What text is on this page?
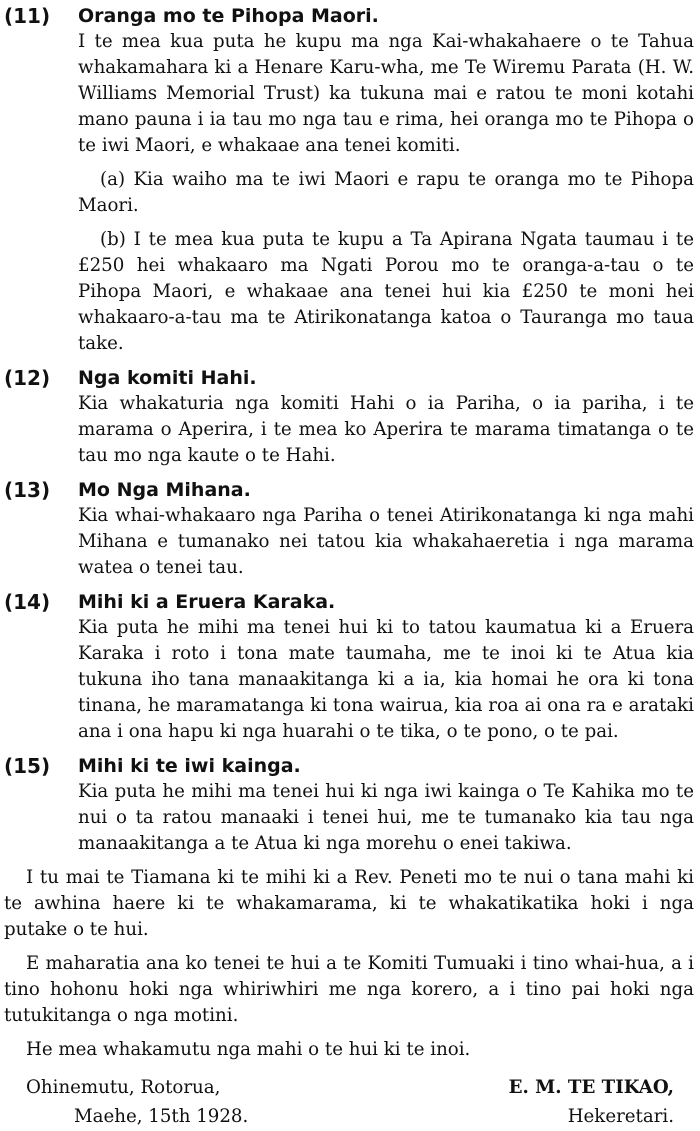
(11)	Oranga mo te Pihopa Maori.

I te mea kua puta he kupu ma nga Kai-whakahaere o te Tahua whakamahara ki a Henare Karu-wha, me Te Wiremu Parata (H. W. Williams Memorial Trust) ka tukuna mai e ratou te moni kotahi mano pauna i ia tau mo nga tau e rima, hei oranga mo te Pihopa o te iwi Maori, e whakaae ana tenei komiti.

(a) Kia waiho ma te iwi Maori e rapu te oranga mo te Pihopa Maori.

(b) I te mea kua puta te kupu a Ta Apirana Ngata taumau i te £250 hei whakaaro ma Ngati Porou mo te oranga-a-tau o te Pihopa Maori, e whakaae ana tenei hui kia £250 te moni hei whakaaro-a-tau ma te Atirikonatanga katoa o Tauranga mo taua take.

(12)	Nga komiti Hahi.

Kia whakaturia nga komiti Hahi o ia Pariha, o ia pariha, i te marama o Aperira, i te mea ko Aperira te marama timatanga o te tau mo nga kaute o te Hahi.

(13)	Mo Nga Mihana.

Kia whai-whakaaro nga Pariha o tenei Atirikonatanga ki nga mahi Mihana e tumanako nei tatou kia whakahaeretia i nga marama watea o tenei tau.

(14)	Mihi ki a Eruera Karaka.

Kia puta he mihi ma tenei hui ki to tatou kaumatua ki a Eruera Karaka i roto i tona mate taumaha, me te inoi ki te Atua kia tukuna iho tana manaakitanga ki a ia, kia homai he ora ki tona tinana, he maramatanga ki tona wairua, kia roa ai ona ra e arataki ana i ona hapu ki nga huarahi o te tika, o te pono, o te pai.

(15)	Mihi ki te iwi kainga.

Kia puta he mihi ma tenei hui ki nga iwi kainga o Te Kahika mo te nui o ta ratou manaaki i tenei hui, me te tumanako kia tau nga manaakitanga a te Atua ki nga morehu o enei takiwa.

I tu mai te Tiamana ki te mihi ki a Rev. Peneti mo te nui o tana mahi ki te awhina haere ki te whakamarama, ki te whakatikatika hoki i nga putake o te hui.

E maharatia ana ko tenei te hui a te Komiti Tumuaki i tino whai-hua, a i tino hohonu hoki nga whiriwhiri me nga korero, a i tino pai hoki nga tutukitanga o nga motini.

He mea whakamutu nga mahi o te hui ki te inoi.

Ohinemutu, Rotorua,
Maehe, 15th 1928.
E. M. TE TIKAO,
Hekeretari.
